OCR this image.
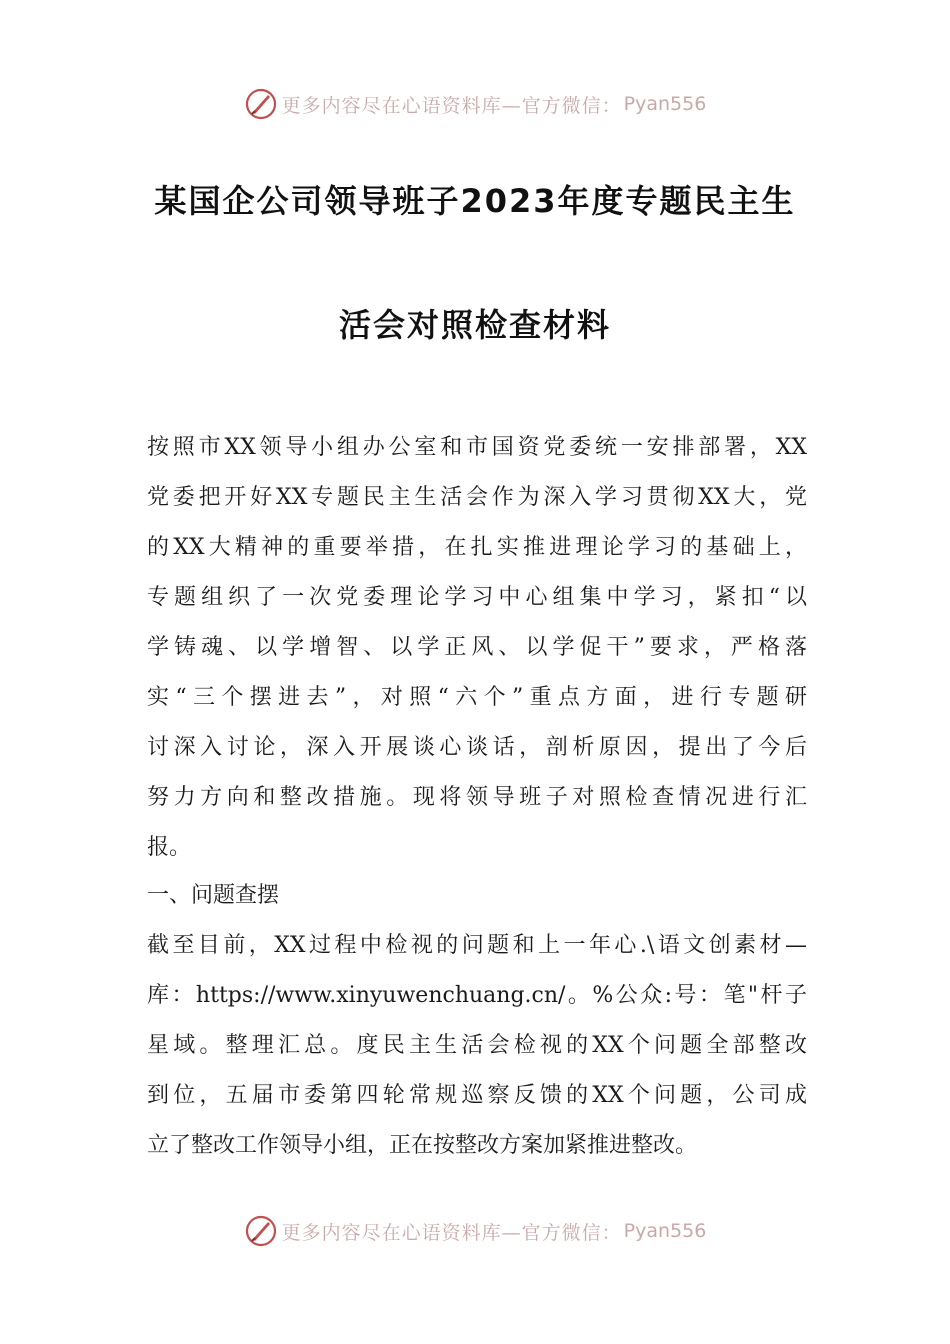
更多内容尽在心语资料库—官方微信： Pyan556
某国企公司领导班子2023年度专题民主生
活会对照检查材料
按照市XX领导小组办公室和市国资党委统一安排部署，XX
党委把开好XX专题民主生活会作为深入学习贯彻XX大，党
的XX大精神的重要举措，在扎实推进理论学习的基础上，
专题组织了一次党委理论学习中心组集中学习，紧扣“以
学铸魂、以学增智、以学正风、以学促干”要求，严格落
实“三个摆进去”，对照“六个”重点方面，进行专题研
讨深入讨论，深入开展谈心谈话，剖析原因，提出了今后
努力方向和整改措施。现将领导班子对照检查情况进行汇
报。
一、问题查摆
截至目前，XX过程中检视的问题和上一年心.\语文创素材—
库：https://www.xinyuwenchuang.cn/。%公众:号：笔"杆子
星域。整理汇总。度民主生活会检视的XX个问题全部整改
到位，五届市委第四轮常规巡察反馈的XX个问题，公司成
立了整改工作领导小组，正在按整改方案加紧推进整改。
更多内容尽在心语资料库—官方微信： Pyan556
